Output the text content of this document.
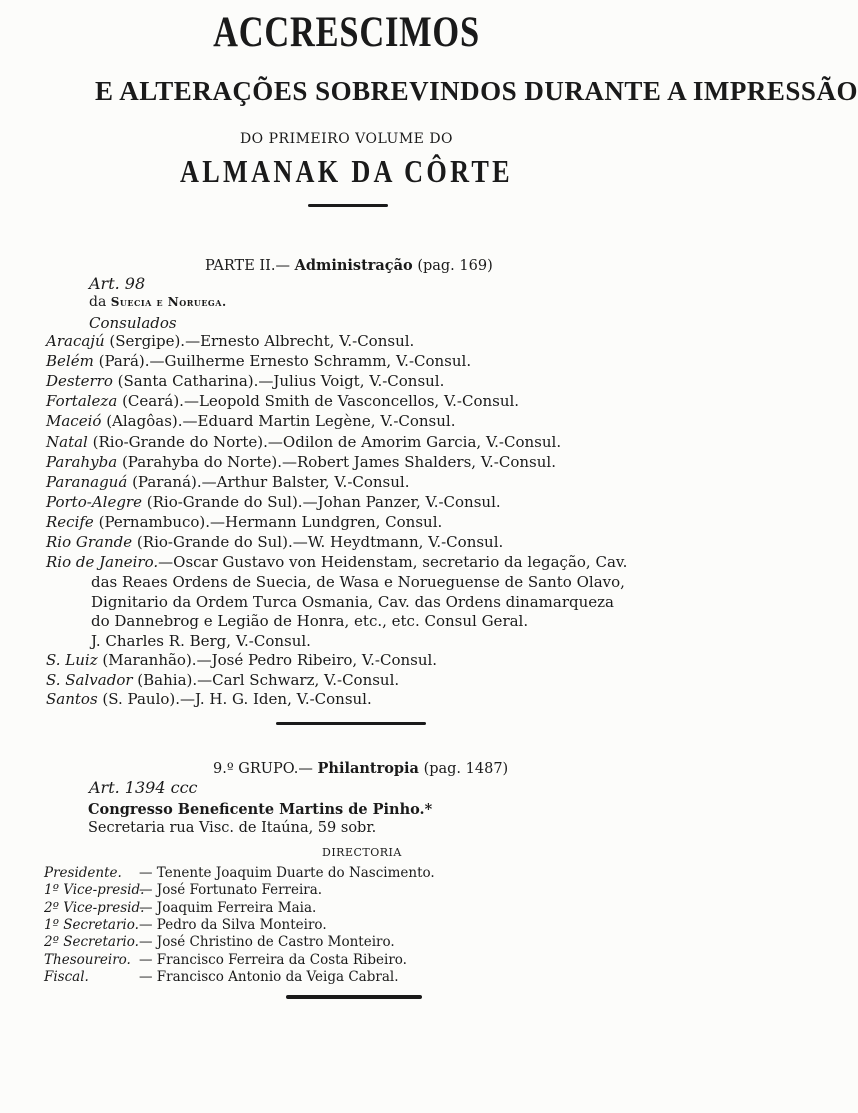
ACCRESCIMOS
E ALTERAÇÕES SOBREVINDOS DURANTE A IMPRESSÃO
DO PRIMEIRO VOLUME DO
ALMANAK DA CÔRTE
PARTE II.— Administração (pag. 169)
Art. 98
da Suecia e Noruega.
Consulados
Aracajú (Sergipe).—Ernesto Albrecht, V.-Consul.
Belém (Pará).—Guilherme Ernesto Schramm, V.-Consul.
Desterro (Santa Catharina).—Julius Voigt, V.-Consul.
Fortaleza (Ceará).—Leopold Smith de Vasconcellos, V.-Consul.
Maceió (Alagôas).—Eduard Martin Legène, V.-Consul.
Natal (Rio-Grande do Norte).—Odilon de Amorim Garcia, V.-Consul.
Parahyba (Parahyba do Norte).—Robert James Shalders, V.-Consul.
Paranaguá (Paraná).—Arthur Balster, V.-Consul.
Porto-Alegre (Rio-Grande do Sul).—Johan Panzer, V.-Consul.
Recife (Pernambuco).—Hermann Lundgren, Consul.
Rio Grande (Rio-Grande do Sul).—W. Heydtmann, V.-Consul.
Rio de Janeiro.—Oscar Gustavo von Heidenstam, secretario da legação, Cav.
das Reaes Ordens de Suecia, de Wasa e Norueguense de Santo Olavo,
Dignitario da Ordem Turca Osmania, Cav. das Ordens dinamarqueza
do Dannebrog e Legião de Honra, etc., etc. Consul Geral.
J. Charles R. Berg, V.-Consul.
S. Luiz (Maranhão).—José Pedro Ribeiro, V.-Consul.
S. Salvador (Bahia).—Carl Schwarz, V.-Consul.
Santos (S. Paulo).—J. H. G. Iden, V.-Consul.
9.º GRUPO.— Philantropia (pag. 1487)
Art. 1394 ccc
Congresso Beneficente Martins de Pinho.*
Secretaria rua Visc. de Itaúna, 59 sobr.
DIRECTORIA
Presidente. — Tenente Joaquim Duarte do Nascimento.
1º Vice-presid.— José Fortunato Ferreira.
2º Vice-presid.— Joaquim Ferreira Maia.
1º Secretario.— Pedro da Silva Monteiro.
2º Secretario.— José Christino de Castro Monteiro.
Thesoureiro. — Francisco Ferreira da Costa Ribeiro.
Fiscal.	— Francisco Antonio da Veiga Cabral.
